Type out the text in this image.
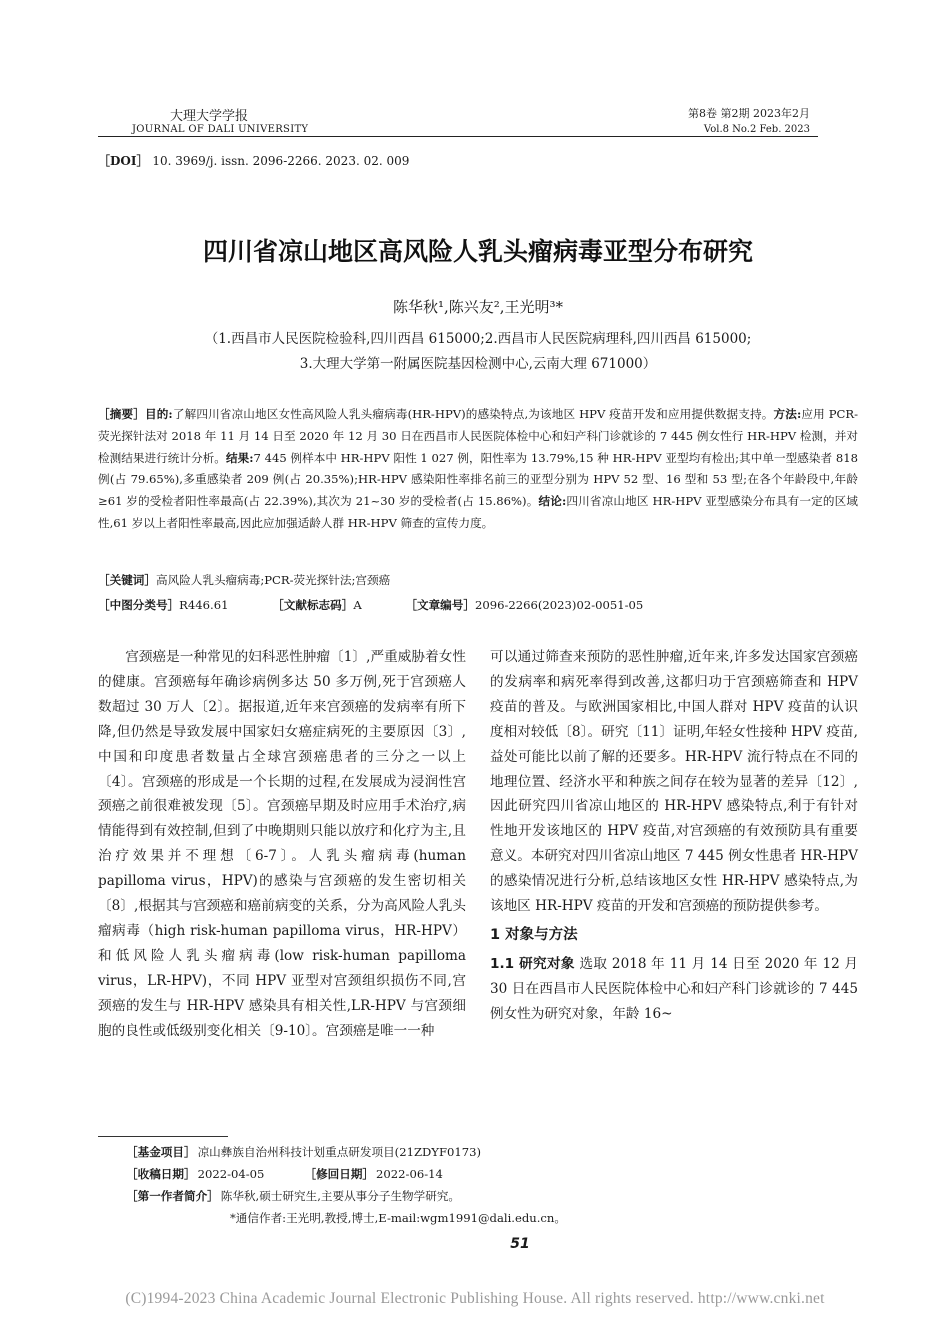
大理大学学报
JOURNAL OF DALI UNIVERSITY
第8卷 第2期 2023年2月
Vol.8 No.2 Feb. 2023
［DOI］ 10. 3969/j. issn. 2096-2266. 2023. 02. 009
四川省凉山地区高风险人乳头瘤病毒亚型分布研究
陈华秋¹,陈兴友²,王光明³*
（1.西昌市人民医院检验科,四川西昌 615000;2.西昌市人民医院病理科,四川西昌 615000;
3.大理大学第一附属医院基因检测中心,云南大理 671000）
［摘要］目的:了解四川省凉山地区女性高风险人乳头瘤病毒(HR-HPV)的感染特点,为该地区 HPV 疫苗开发和应用提供数据支持。方法:应用 PCR-荧光探针法对 2018 年 11 月 14 日至 2020 年 12 月 30 日在西昌市人民医院体检中心和妇产科门诊就诊的 7 445 例女性行 HR-HPV 检测，并对检测结果进行统计分析。结果:7 445 例样本中 HR-HPV 阳性 1 027 例，阳性率为 13.79%,15 种 HR-HPV 亚型均有检出;其中单一型感染者 818 例(占 79.65%),多重感染者 209 例(占 20.35%);HR-HPV 感染阳性率排名前三的亚型分别为 HPV 52 型、16 型和 53 型;在各个年龄段中,年龄≥61 岁的受检者阳性率最高(占 22.39%),其次为 21~30 岁的受检者(占 15.86%)。结论:四川省凉山地区 HR-HPV 亚型感染分布具有一定的区域性,61 岁以上者阳性率最高,因此应加强适龄人群 HR-HPV 筛查的宣传力度。
［关键词］高风险人乳头瘤病毒;PCR-荧光探针法;宫颈癌
［中图分类号］R446.61	［文献标志码］A	［文章编号］2096-2266(2023)02-0051-05

宫颈癌是一种常见的妇科恶性肿瘤〔1〕,严重威胁着女性的健康。宫颈癌每年确诊病例多达 50 多万例,死于宫颈癌人数超过 30 万人〔2〕。据报道,近年来宫颈癌的发病率有所下降,但仍然是导致发展中国家妇女癌症病死的主要原因〔3〕,中国和印度患者数量占全球宫颈癌患者的三分之一以上〔4〕。宫颈癌的形成是一个长期的过程,在发展成为浸润性宫颈癌之前很难被发现〔5〕。宫颈癌早期及时应用手术治疗,病情能得到有效控制,但到了中晚期则只能以放疗和化疗为主,且治疗效果并不理想〔6-7〕。人乳头瘤病毒(human papilloma virus，HPV)的感染与宫颈癌的发生密切相关〔8〕,根据其与宫颈癌和癌前病变的关系，分为高风险人乳头瘤病毒（high risk-human papilloma virus，HR-HPV）和低风险人乳头瘤病毒(low risk-human papilloma virus，LR-HPV)，不同 HPV 亚型对宫颈组织损伤不同,宫颈癌的发生与 HR-HPV 感染具有相关性,LR-HPV 与宫颈细胞的良性或低级别变化相关〔9-10〕。宫颈癌是唯一一种

可以通过筛查来预防的恶性肿瘤,近年来,许多发达国家宫颈癌的发病率和病死率得到改善,这都归功于宫颈癌筛查和 HPV 疫苗的普及。与欧洲国家相比,中国人群对 HPV 疫苗的认识度相对较低〔8〕。研究〔11〕证明,年轻女性接种 HPV 疫苗,益处可能比以前了解的还要多。HR-HPV 流行特点在不同的地理位置、经济水平和种族之间存在较为显著的差异〔12〕,因此研究四川省凉山地区的 HR-HPV 感染特点,利于有针对性地开发该地区的 HPV 疫苗,对宫颈癌的有效预防具有重要意义。本研究对四川省凉山地区 7 445 例女性患者 HR-HPV 的感染情况进行分析,总结该地区女性 HR-HPV 感染特点,为该地区 HR-HPV 疫苗的开发和宫颈癌的预防提供参考。

1 对象与方法

1.1 研究对象 选取 2018 年 11 月 14 日至 2020 年 12 月 30 日在西昌市人民医院体检中心和妇产科门诊就诊的 7 445 例女性为研究对象，年龄 16~

［基金项目］ 凉山彝族自治州科技计划重点研发项目(21ZDYF0173)
［收稿日期］ 2022-04-05	［修回日期］ 2022-06-14
［第一作者简介］ 陈华秋,硕士研究生,主要从事分子生物学研究。
*通信作者:王光明,教授,博士,E-mail:wgm1991@dali.edu.cn。
51
(C)1994-2023 China Academic Journal Electronic Publishing House. All rights reserved. http://www.cnki.net
